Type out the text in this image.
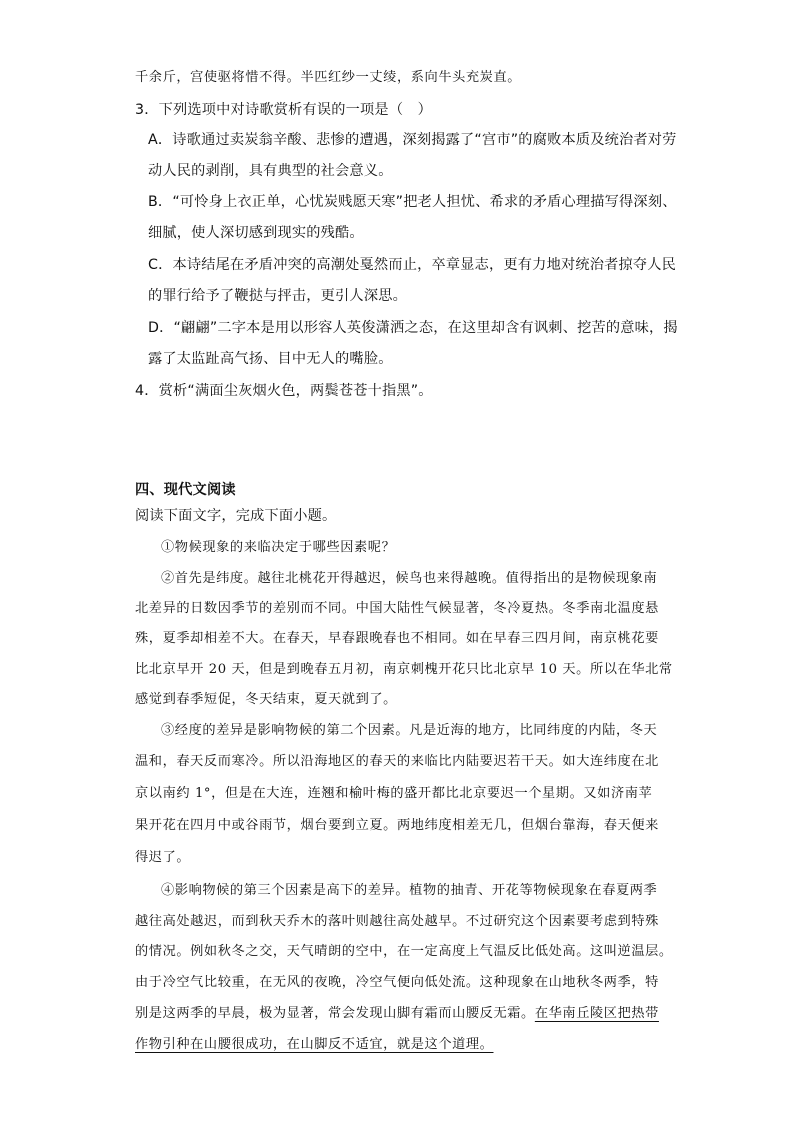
千余斤，宫使驱将惜不得。半匹红纱一丈绫，系向牛头充炭直。
3．下列选项中对诗歌赏析有误的一项是（　）
A．诗歌通过卖炭翁辛酸、悲惨的遭遇，深刻揭露了“宫市”的腐败本质及统治者对劳
动人民的剥削，具有典型的社会意义。
B．“可怜身上衣正单，心忧炭贱愿天寒”把老人担忧、希求的矛盾心理描写得深刻、
细腻，使人深切感到现实的残酷。
C．本诗结尾在矛盾冲突的高潮处戛然而止，卒章显志，更有力地对统治者掠夺人民
的罪行给予了鞭挞与抨击，更引人深思。
D．“翩翩”二字本是用以形容人英俊潇洒之态，在这里却含有讽刺、挖苦的意味，揭
露了太监趾高气扬、目中无人的嘴脸。
4．赏析“满面尘灰烟火色，两鬓苍苍十指黑”。
四、现代文阅读
阅读下面文字，完成下面小题。
①物候现象的来临决定于哪些因素呢？
②首先是纬度。越往北桃花开得越迟，候鸟也来得越晚。值得指出的是物候现象南
北差异的日数因季节的差别而不同。中国大陆性气候显著，冬冷夏热。冬季南北温度悬
殊，夏季却相差不大。在春天，早春跟晚春也不相同。如在早春三四月间，南京桃花要
比北京早开 20 天，但是到晚春五月初，南京刺槐开花只比北京早 10 天。所以在华北常
感觉到春季短促，冬天结束，夏天就到了。
③经度的差异是影响物候的第二个因素。凡是近海的地方，比同纬度的内陆，冬天
温和，春天反而寒冷。所以沿海地区的春天的来临比内陆要迟若干天。如大连纬度在北
京以南约 1°，但是在大连，连翘和榆叶梅的盛开都比北京要迟一个星期。又如济南苹
果开花在四月中或谷雨节，烟台要到立夏。两地纬度相差无几，但烟台靠海，春天便来
得迟了。
④影响物候的第三个因素是高下的差异。植物的抽青、开花等物候现象在春夏两季
越往高处越迟，而到秋天乔木的落叶则越往高处越早。不过研究这个因素要考虑到特殊
的情况。例如秋冬之交，天气晴朗的空中，在一定高度上气温反比低处高。这叫逆温层。
由于冷空气比较重，在无风的夜晚，冷空气便向低处流。这种现象在山地秋冬两季，特
别是这两季的早晨，极为显著，常会发现山脚有霜而山腰反无霜。在华南丘陵区把热带
作物引种在山腰很成功，在山脚反不适宜，就是这个道理。
